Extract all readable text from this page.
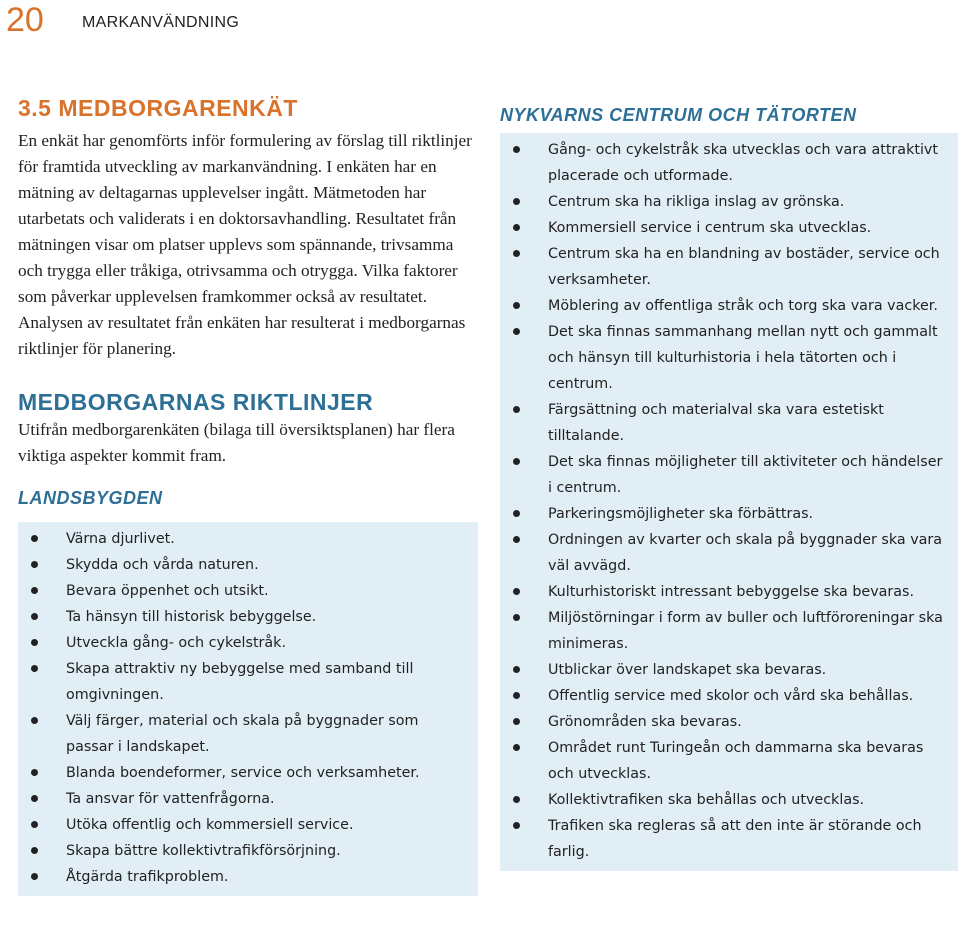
20 MARKANVÄNDNING
3.5 MEDBORGARENKÄT

En enkät har genomförts inför formulering av förslag till riktlinjer för framtida utveckling av markanvändning. I enkäten har en mätning av deltagarnas upplevelser ingått. Mätmetoden har utarbetats och validerats i en doktorsavhandling. Resultatet från mätningen visar om platser upplevs som spännande, trivsamma och trygga eller tråkiga, otrivsamma och otrygga. Vilka faktorer som påverkar upplevelsen framkommer också av resultatet. Analysen av resultatet från enkäten har resulterat i medborgarnas riktlinjer för planering.

MEDBORGARNAS RIKTLINJER

Utifrån medborgarenkäten (bilaga till översiktsplanen) har flera viktiga aspekter kommit fram.

LANDSBYGDEN
Värna djurlivet.
Skydda och vårda naturen.
Bevara öppenhet och utsikt.
Ta hänsyn till historisk bebyggelse.
Utveckla gång- och cykelstråk.
Skapa attraktiv ny bebyggelse med samband till omgivningen.
Välj färger, material och skala på byggnader som passar i landskapet.
Blanda boendeformer, service och verksamheter.
Ta ansvar för vattenfrågorna.
Utöka offentlig och kommersiell service.
Skapa bättre kollektivtrafikförsörjning.
Åtgärda trafikproblem.
NYKVARNS CENTRUM OCH TÄTORTEN
Gång- och cykelstråk ska utvecklas och vara attraktivt placerade och utformade.
Centrum ska ha rikliga inslag av grönska.
Kommersiell service i centrum ska utvecklas.
Centrum ska ha en blandning av bostäder, service och verksamheter.
Möblering av offentliga stråk och torg ska vara vacker.
Det ska finnas sammanhang mellan nytt och gammalt och hänsyn till kulturhistoria i hela tätorten och i centrum.
Färgsättning och materialval ska vara estetiskt tilltalande.
Det ska finnas möjligheter till aktiviteter och händelser i centrum.
Parkeringsmöjligheter ska förbättras.
Ordningen av kvarter och skala på byggnader ska vara väl avvägd.
Kulturhistoriskt intressant bebyggelse ska bevaras.
Miljöstörningar i form av buller och luftföroreningar ska minimeras.
Utblickar över landskapet ska bevaras.
Offentlig service med skolor och vård ska behållas.
Grönområden ska bevaras.
Området runt Turingeån och dammarna ska bevaras och utvecklas.
Kollektivtrafiken ska behållas och utvecklas.
Trafiken ska regleras så att den inte är störande och farlig.
